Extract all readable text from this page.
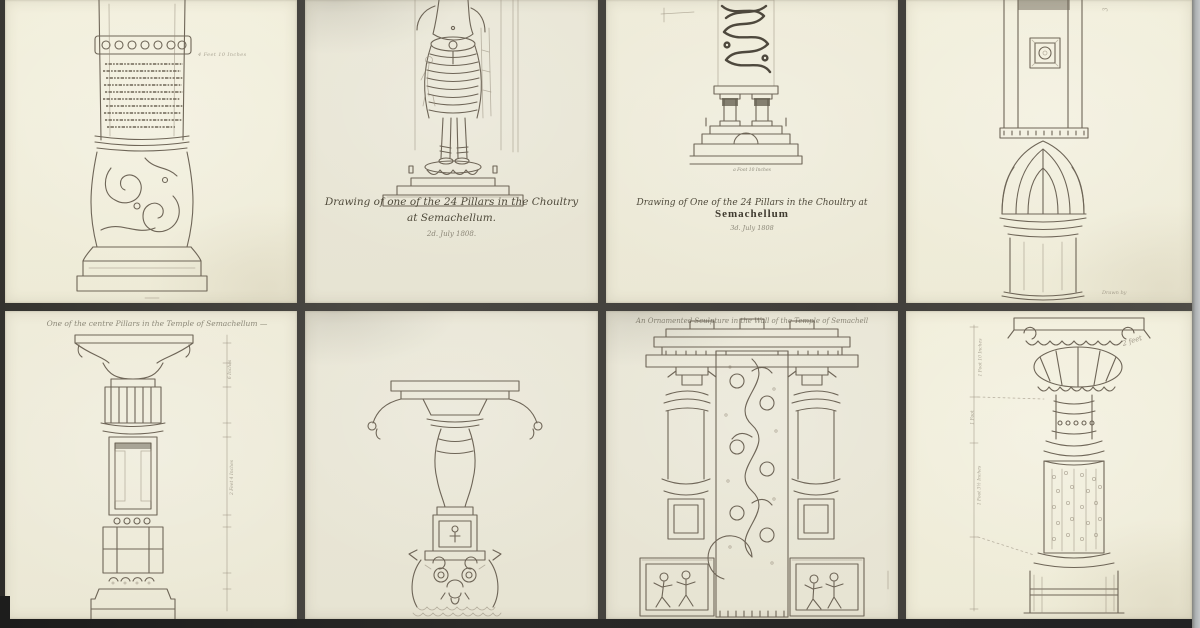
4 Feet 10 Inches
Drawing of one of the 24 Pillars in the Choultry
at Semachellum.
2d. July 1808.
a Foot 10 Inches
Drawing of One of the 24 Pillars in the Choultry at Semachellum
3d. July 1808
3
Drawn by
One of the centre Pillars in the Temple of Semachellum —
6 Inches
2 Feet 4 Inches
An Ornamented Sculpture in the Wall of the Temple of Semachell
1 Foot 10 Inches
1 Foot
1 Foot 3½ Inches
2 feet
